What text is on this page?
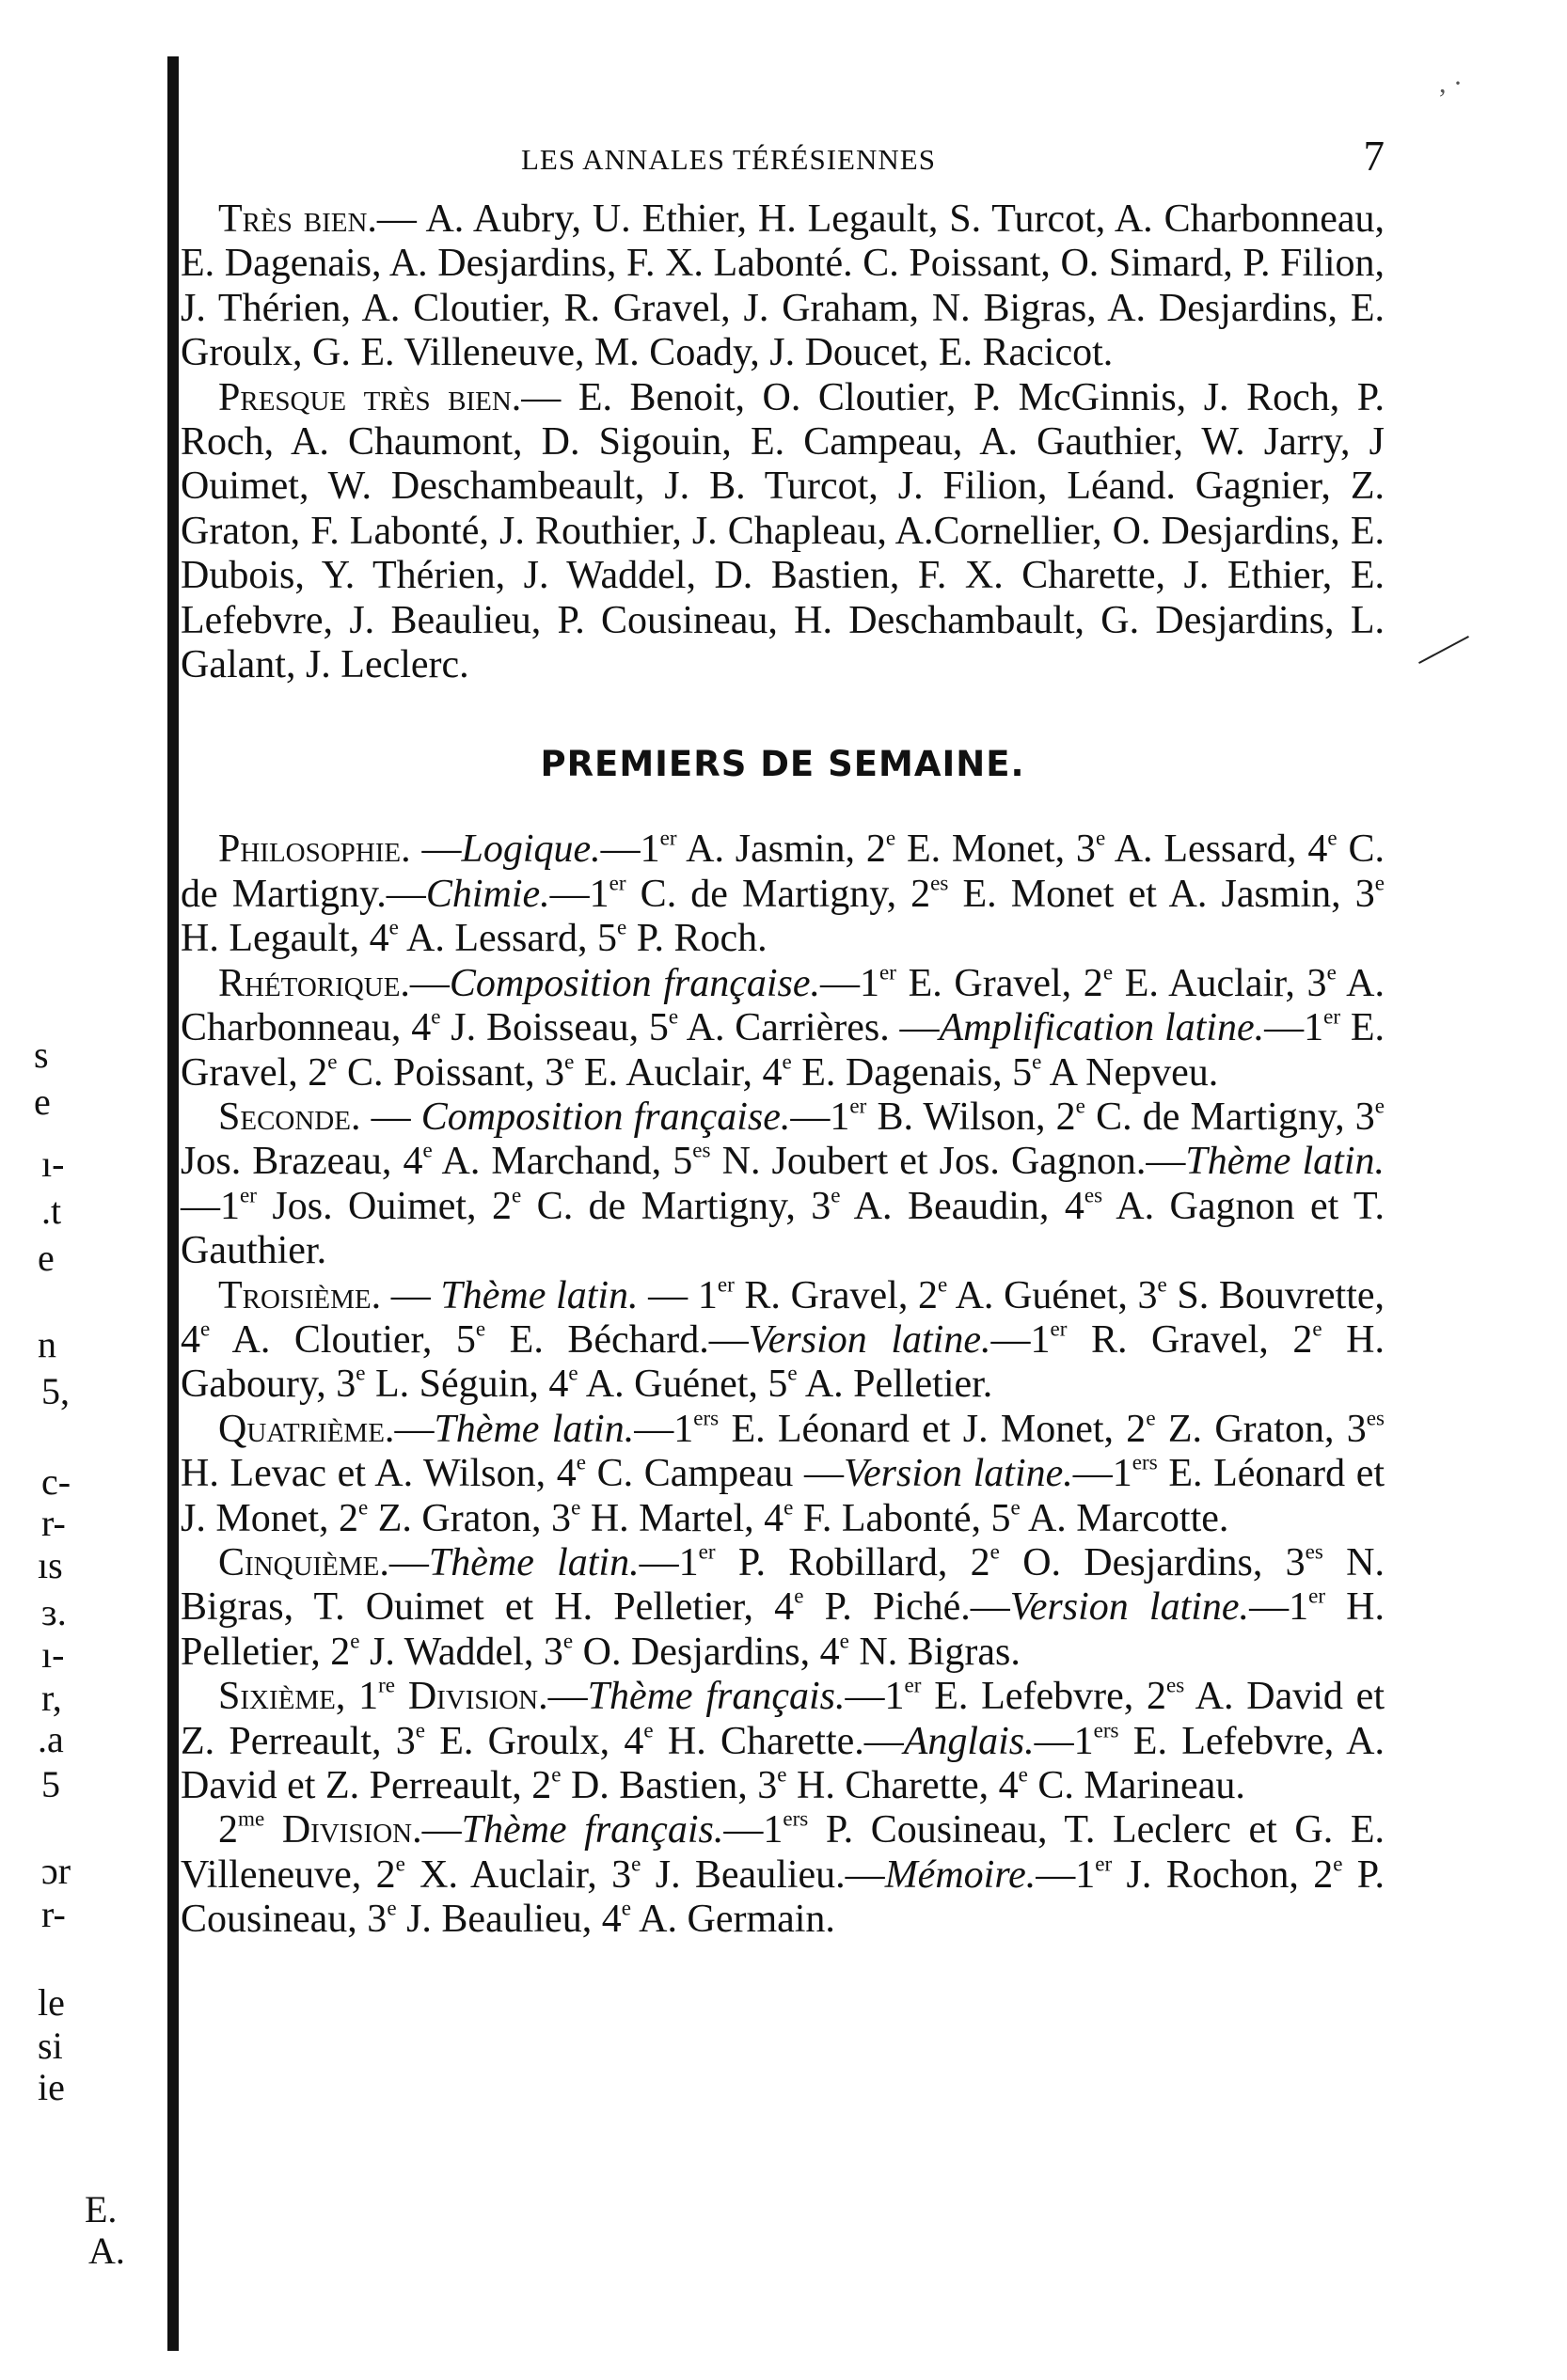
, ·
s
e
ı-
.t
e
n
5,
c-
r-
ıs
ɜ.
ı-
r,
.a
5
ɔr
r-
le
si
ie
E.
A.
LES ANNALES TÉRÉSIENNES	7

Très bien.— A. Aubry, U. Ethier, H. Legault, S. Turcot, A. Charbonneau, E. Dagenais, A. Desjardins, F. X. Labonté. C. Poissant, O. Simard, P. Filion, J. Thérien, A. Cloutier, R. Gravel, J. Graham, N. Bigras, A. Desjardins, E. Groulx, G. E. Villeneuve, M. Coady, J. Doucet, E. Racicot.

Presque très bien.— E. Benoit, O. Cloutier, P. McGinnis, J. Roch, P. Roch, A. Chaumont, D. Sigouin, E. Campeau, A. Gauthier, W. Jarry, J Ouimet, W. Deschambeault, J. B. Turcot, J. Filion, Léand. Gagnier, Z. Graton, F. Labonté, J. Routhier, J. Chapleau, A.Cornellier, O. Desjardins, E. Dubois, Y. Thérien, J. Waddel, D. Bastien, F. X. Charette, J. Ethier, E. Lefebvre, J. Beaulieu, P. Cousineau, H. Deschambault, G. Desjardins, L. Galant, J. Leclerc.

PREMIERS DE SEMAINE.

Philosophie. —Logique.—1er A. Jasmin, 2e E. Monet, 3e A. Lessard, 4e C. de Martigny.—Chimie.—1er C. de Martigny, $2^{es}$ E. Monet et A. Jasmin, 3e H. Legault, 4e A. Lessard, 5e P. Roch.

Rhétorique.—Composition française.—1er E. Gravel, 2e E. Auclair, 3e A. Charbonneau, 4e J. Boisseau, 5e A. Carrières. —Amplification latine.—1er E. Gravel, 2e C. Poissant, 3e E. Auclair, 4e E. Dagenais, 5e A Nepveu.

Seconde. — Composition française.—1er B. Wilson, 2e C. de Martigny, 3e Jos. Brazeau, 4e A. Marchand, $5^{es}$ N. Joubert et Jos. Gagnon.—Thème latin.—1er Jos. Ouimet, 2e C. de Martigny, 3e A. Beaudin, $4^{es}$ A. Gagnon et T. Gauthier.

Troisième. — Thème latin. — 1er R. Gravel, 2e A. Guénet, 3e S. Bouvrette, 4e A. Cloutier, 5e E. Béchard.—Version latine.—1er R. Gravel, 2e H. Gaboury, 3e L. Séguin, 4e A. Guénet, 5e A. Pelletier.

Quatrième.—Thème latin.—1ers E. Léonard et J. Monet, 2e Z. Graton, $3^{es}$ H. Levac et A. Wilson, 4e C. Campeau —Version latine.—1ers E. Léonard et J. Monet, 2e Z. Graton, 3e H. Martel, 4e F. Labonté, 5e A. Marcotte.

Cinquième.—Thème latin.—1er P. Robillard, 2e O. Desjardins, $3^{es}$ N. Bigras, T. Ouimet et H. Pelletier, 4e P. Piché.—Version latine.—1er H. Pelletier, 2e J. Waddel, 3e O. Desjardins, 4e N. Bigras.

Sixième, 1re Division.—Thème français.—1er E. Lefebvre, $2^{es}$ A. David et Z. Perreault, 3e E. Groulx, 4e H. Charette.—Anglais.—1ers E. Lefebvre, A. David et Z. Perreault, 2e D. Bastien, 3e H. Charette, 4e C. Marineau.

$2^{me}$ Division.—Thème français.—1ers P. Cousineau, T. Leclerc et G. E. Villeneuve, 2e X. Auclair, 3e J. Beaulieu.—Mémoire.—1er J. Rochon, 2e P. Cousineau, 3e J. Beaulieu, 4e A. Germain.
